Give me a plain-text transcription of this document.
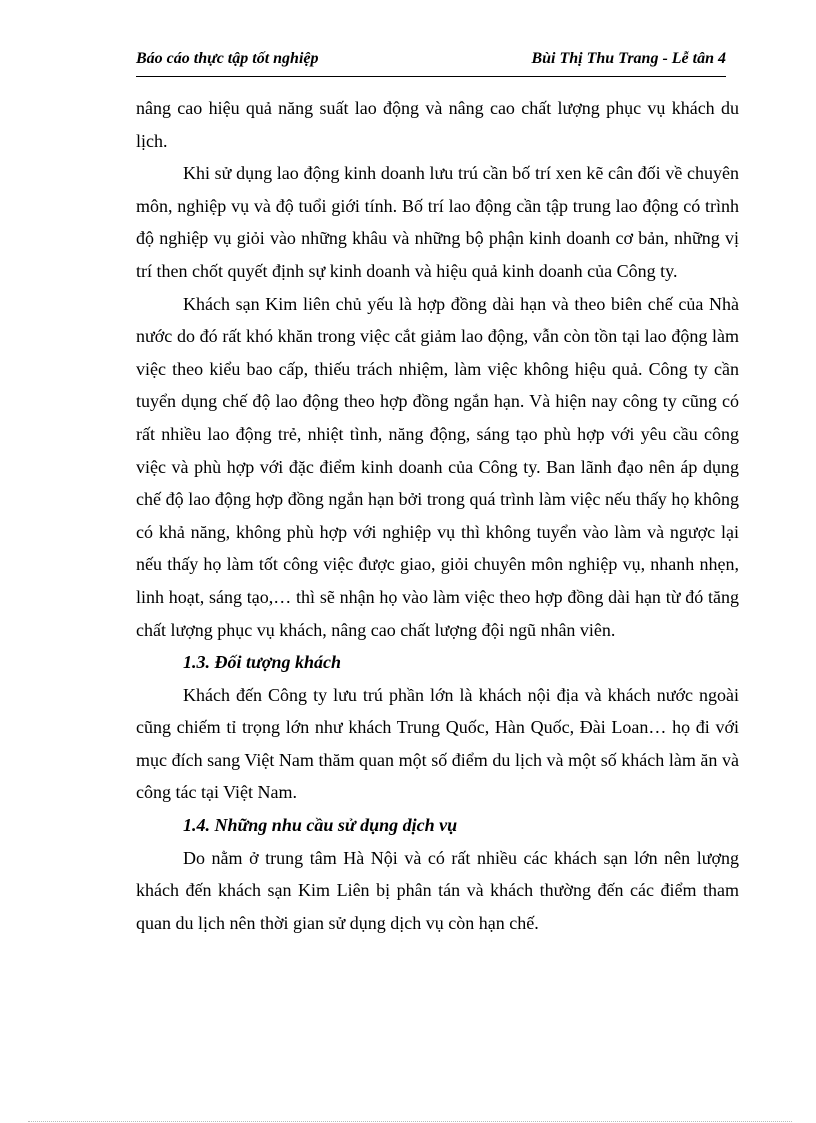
Báo cáo thực tập tốt nghiệp	Bùi Thị Thu Trang - Lễ tân 4

nâng cao hiệu quả năng suất lao động và nâng cao chất lượng phục vụ khách du lịch.

Khi sử dụng lao động kinh doanh lưu trú cần bố trí xen kẽ cân đối về chuyên môn, nghiệp vụ và độ tuổi giới tính. Bố trí lao động cần tập trung lao động có trình độ nghiệp vụ giỏi vào những khâu và những bộ phận kinh doanh cơ bản, những vị trí then chốt quyết định sự kinh doanh và hiệu quả kinh doanh của Công ty.

Khách sạn Kim liên chủ yếu là hợp đồng dài hạn và theo biên chế của Nhà nước do đó rất khó khăn trong việc cắt giảm lao động, vẫn còn tồn tại lao động làm việc theo kiểu bao cấp, thiếu trách nhiệm, làm việc không hiệu quả. Công ty cần tuyển dụng chế độ lao động theo hợp đồng ngắn hạn. Và hiện nay công ty cũng có rất nhiều lao động trẻ, nhiệt tình, năng động, sáng tạo phù hợp với yêu cầu công việc và phù hợp với đặc điểm kinh doanh của Công ty. Ban lãnh đạo nên áp dụng chế độ lao động hợp đồng ngắn hạn bởi trong quá trình làm việc nếu thấy họ không có khả năng, không phù hợp với nghiệp vụ thì không tuyển vào làm và ngược lại nếu thấy họ làm tốt công việc được giao, giỏi chuyên môn nghiệp vụ, nhanh nhẹn, linh hoạt, sáng tạo,… thì sẽ nhận họ vào làm việc theo hợp đồng dài hạn từ đó tăng chất lượng phục vụ khách, nâng cao chất lượng đội ngũ nhân viên.

1.3. Đối tượng khách

Khách đến Công ty lưu trú phần lớn là khách nội địa và khách nước ngoài cũng chiếm tỉ trọng lớn như khách Trung Quốc, Hàn Quốc, Đài Loan… họ đi với mục đích sang Việt Nam thăm quan một số điểm du lịch và một số khách làm ăn và công tác tại Việt Nam.

1.4. Những nhu cầu sử dụng dịch vụ

Do nằm ở trung tâm Hà Nội và có rất nhiều các khách sạn lớn nên lượng khách đến khách sạn Kim Liên bị phân tán và khách thường đến các điểm tham quan du lịch nên thời gian sử dụng dịch vụ còn hạn chế.
